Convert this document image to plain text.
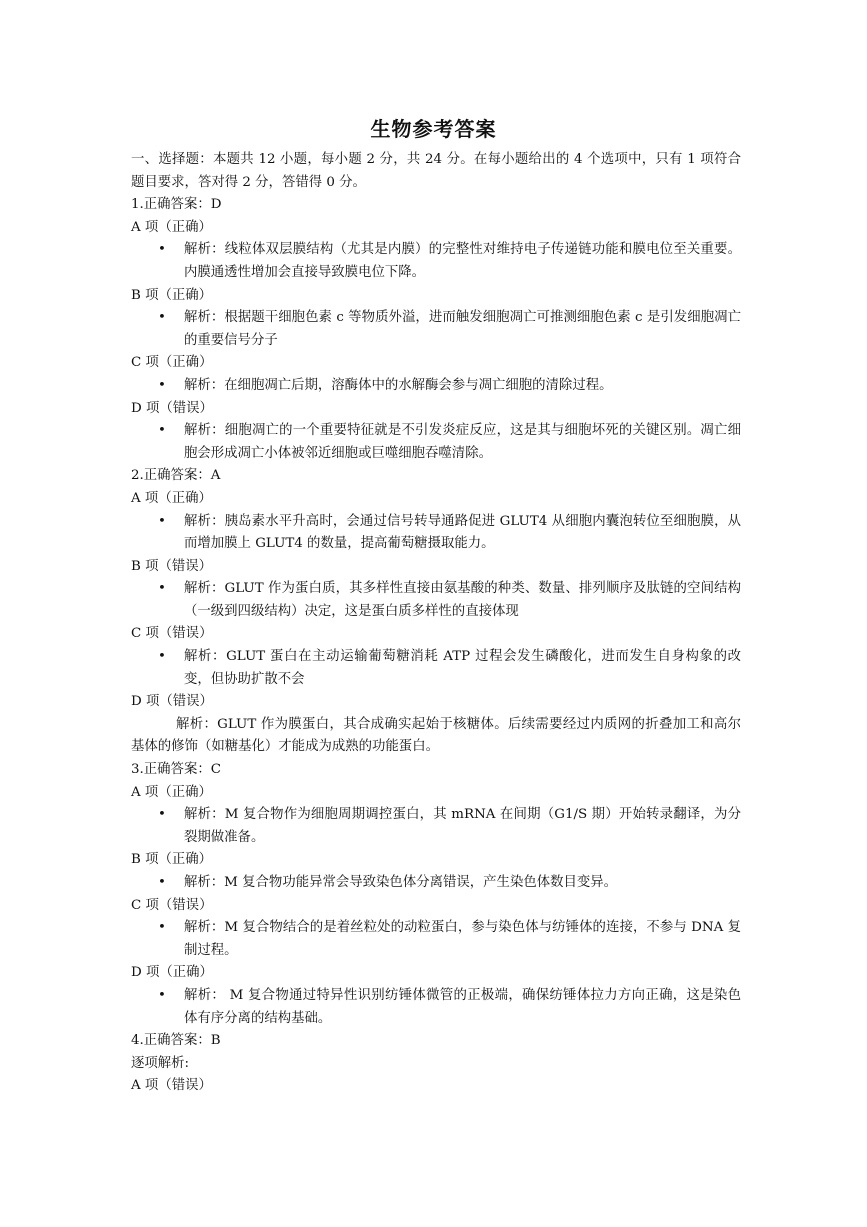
生物参考答案

一、选择题：本题共 12 小题，每小题 2 分，共 24 分。在每小题给出的 4 个选项中，只有 1 项符合题目要求，答对得 2 分，答错得 0 分。

1.正确答案：D

A 项（正确）

• 解析：线粒体双层膜结构（尤其是内膜）的完整性对维持电子传递链功能和膜电位至关重要。内膜通透性增加会直接导致膜电位下降。

B 项（正确）

• 解析：根据题干细胞色素 c 等物质外溢，进而触发细胞凋亡可推测细胞色素 c 是引发细胞凋亡的重要信号分子

C 项（正确）

• 解析：在细胞凋亡后期，溶酶体中的水解酶会参与凋亡细胞的清除过程。

D 项（错误）

• 解析：细胞凋亡的一个重要特征就是不引发炎症反应，这是其与细胞坏死的关键区别。凋亡细胞会形成凋亡小体被邻近细胞或巨噬细胞吞噬清除。

2.正确答案：A

A 项（正确）

• 解析：胰岛素水平升高时，会通过信号转导通路促进 GLUT4 从细胞内囊泡转位至细胞膜，从而增加膜上 GLUT4 的数量，提高葡萄糖摄取能力。

B 项（错误）

• 解析：GLUT 作为蛋白质，其多样性直接由氨基酸的种类、数量、排列顺序及肽链的空间结构（一级到四级结构）决定，这是蛋白质多样性的直接体现

C 项（错误）

• 解析：GLUT 蛋白在主动运输葡萄糖消耗 ATP 过程会发生磷酸化，进而发生自身构象的改变，但协助扩散不会

D 项（错误）

解析：GLUT 作为膜蛋白，其合成确实起始于核糖体。后续需要经过内质网的折叠加工和高尔基体的修饰（如糖基化）才能成为成熟的功能蛋白。

3.正确答案：C

A 项（正确）

• 解析：M 复合物作为细胞周期调控蛋白，其 mRNA 在间期（G1/S 期）开始转录翻译，为分裂期做准备。

B 项（正确）

• 解析：M 复合物功能异常会导致染色体分离错误，产生染色体数目变异。

C 项（错误）

• 解析：M 复合物结合的是着丝粒处的动粒蛋白，参与染色体与纺锤体的连接，不参与 DNA 复制过程。

D 项（正确）

• 解析： M 复合物通过特异性识别纺锤体微管的正极端，确保纺锤体拉力方向正确，这是染色体有序分离的结构基础。

4.正确答案：B

逐项解析:

A 项（错误）
